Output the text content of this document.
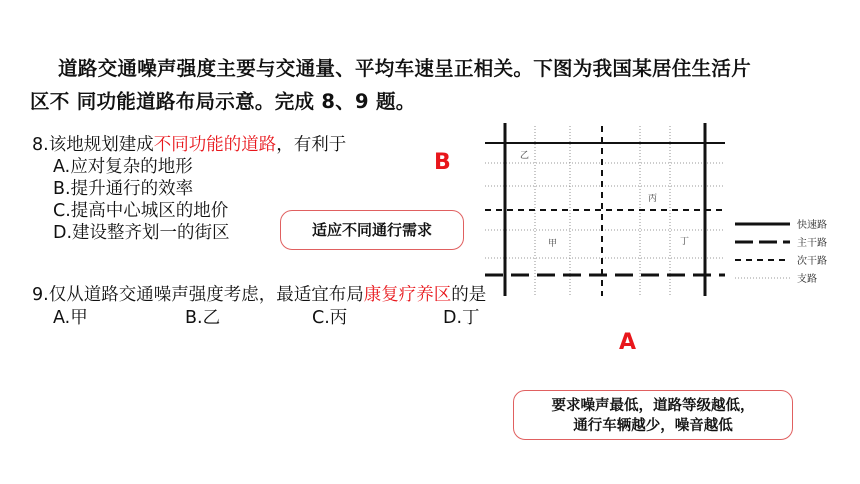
道路交通噪声强度主要与交通量、平均车速呈正相关。下图为我国某居住生活片
区不 同功能道路布局示意。完成 8、9 题。
8.该地规划建成不同功能的道路，有利于
A.应对复杂的地形
B.提升通行的效率
C.提高中心城区的地价
D.建设整齐划一的街区
B
适应不同通行需求
乙
丙
甲	丁
快速路
主干路
次干路
支路
9.仅从道路交通噪声强度考虑，最适宜布局康复疗养区的是
A.甲	B.乙	C.丙	D.丁
A
要求噪声最低，道路等级越低，
通行车辆越少，噪音越低
